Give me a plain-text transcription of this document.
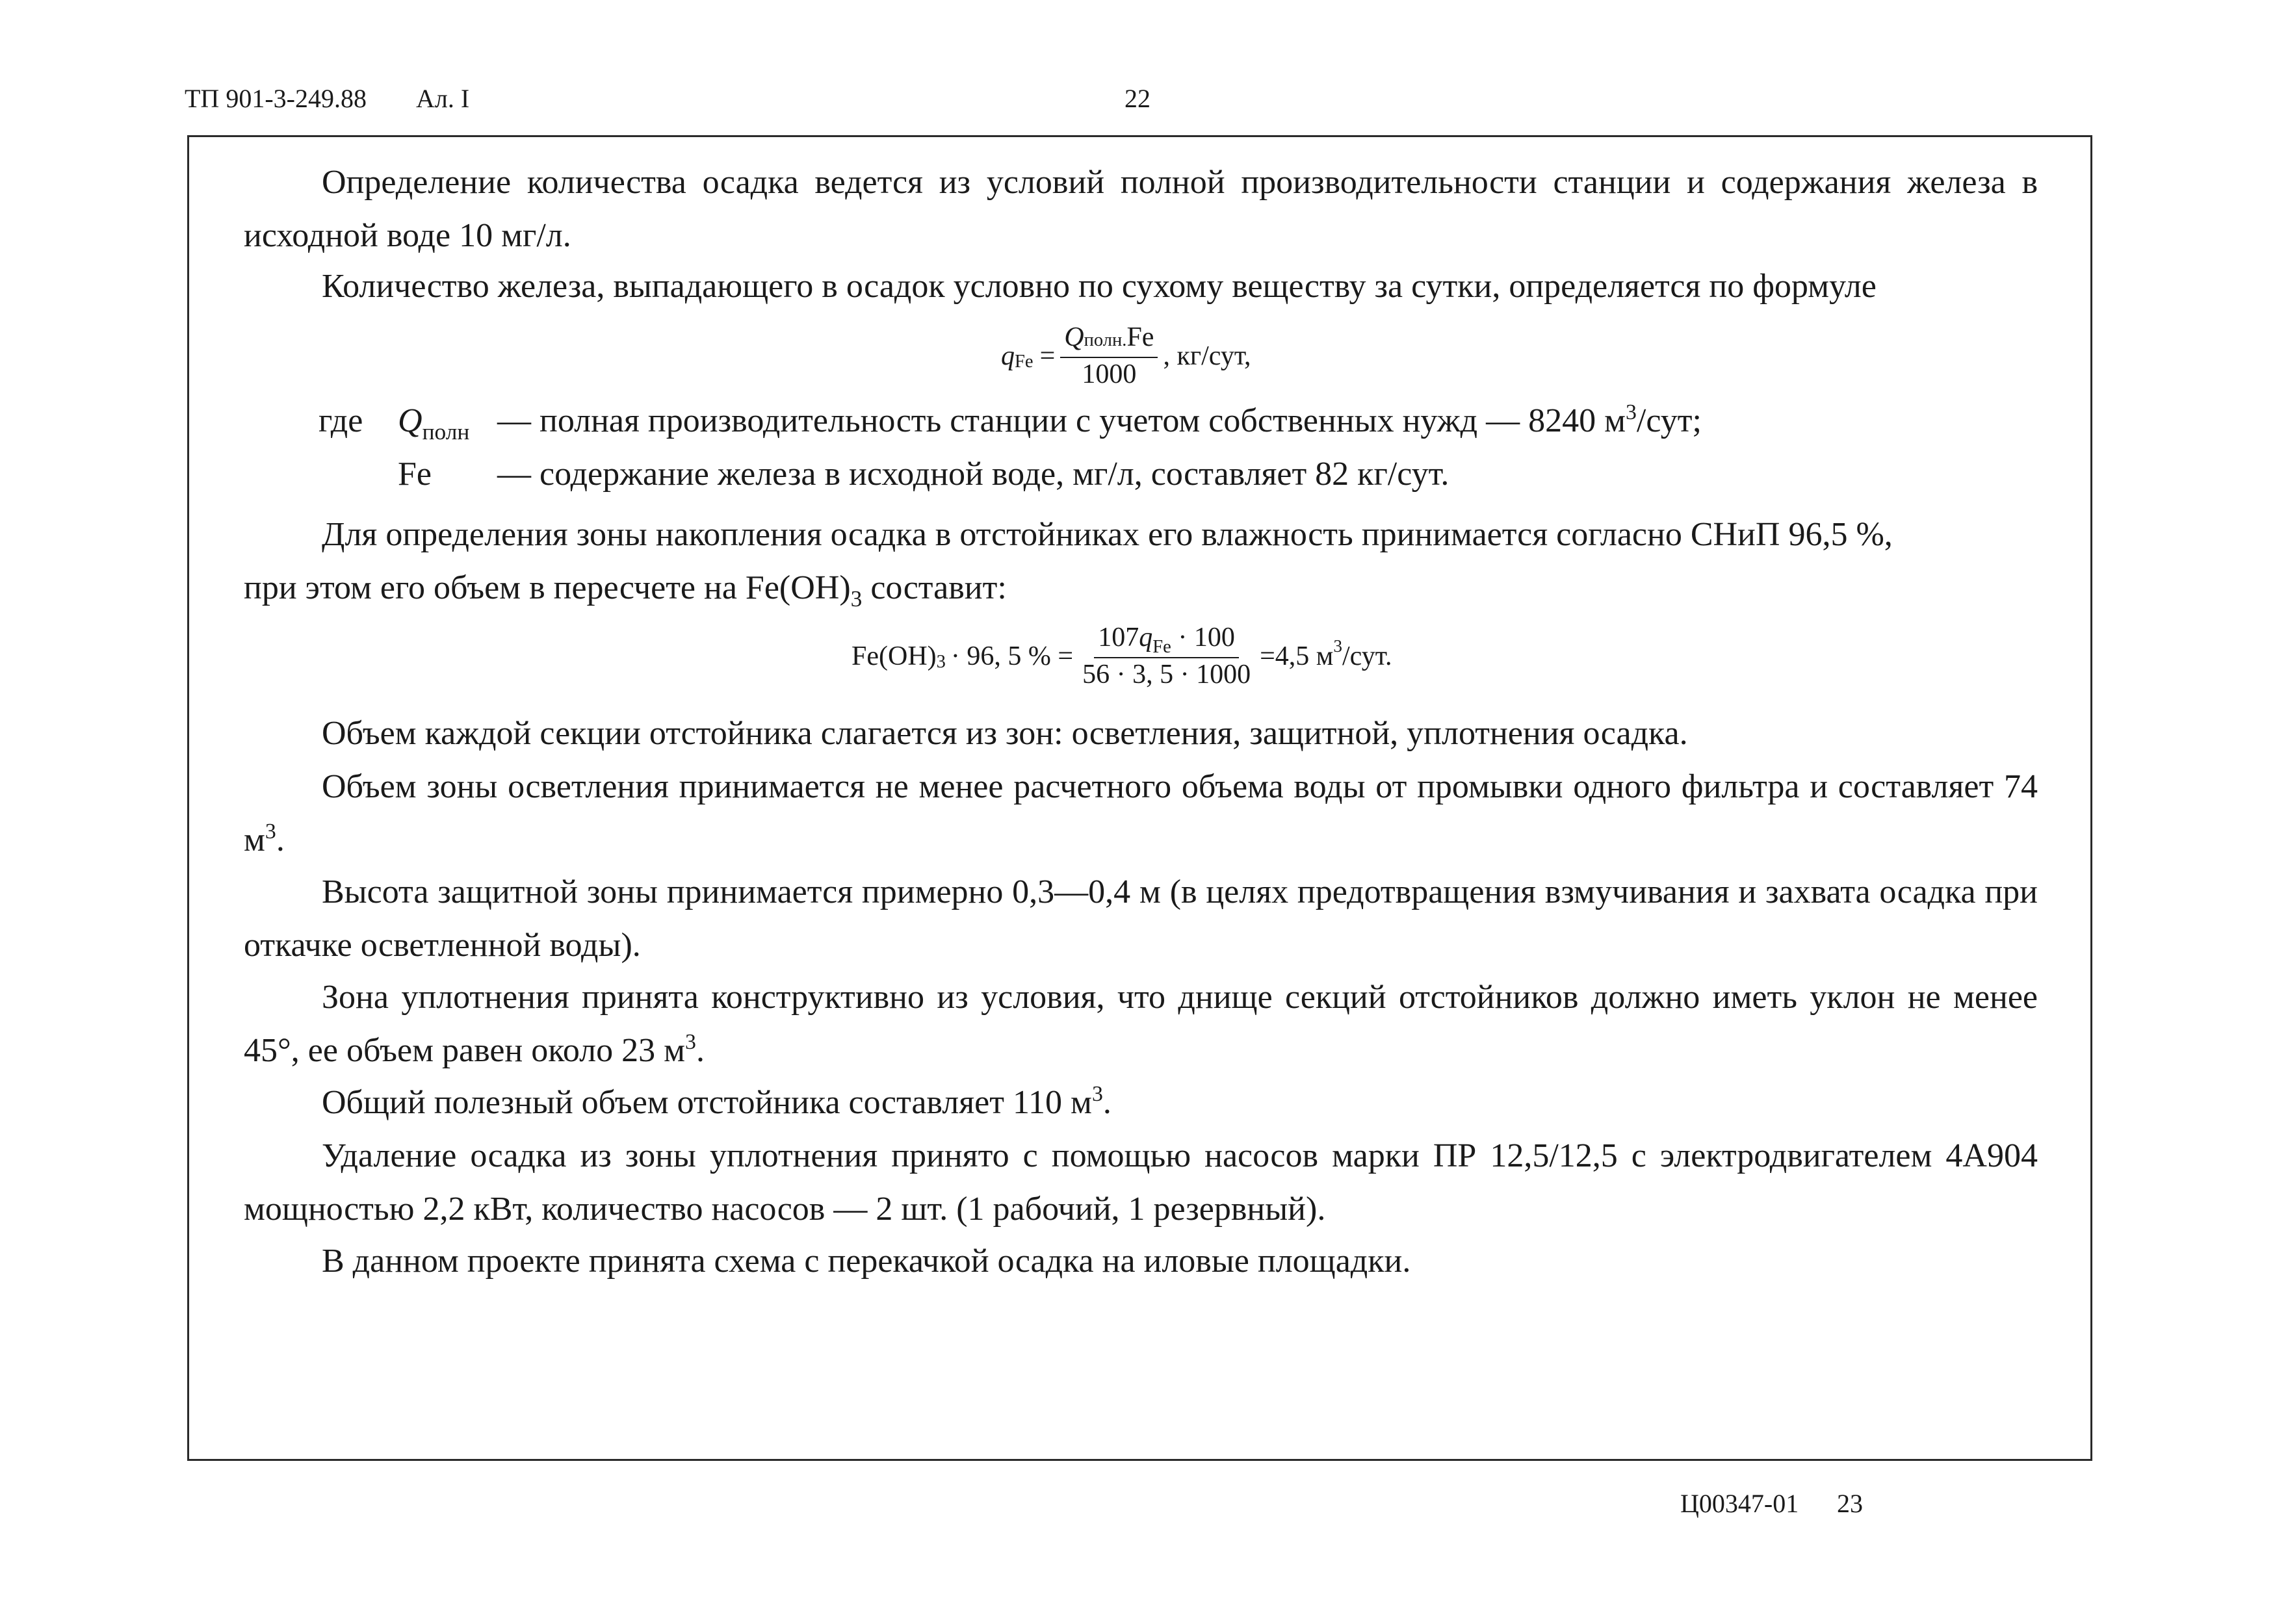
ТП 901-3-249.88 Ал. I	22

Определение количества осадка ведется из условий полной производительности станции и содержания железа в исходной воде 10 мг/л.

Количество железа, выпадающего в осадок условно по сухому веществу за сутки, определяется по формуле

q $Fe = \frac{\text{Qполн.Fe}}{1000}$ , кг/сут,
где $Q_{полн}$ — полная производительность станции с учетом собственных нужд — 8240 $м^3$/сут;
Fe — содержание железа в исходной воде, мг/л, составляет 82 кг/сут.

Для определения зоны накопления осадка в отстойниках его влажность принимается согласно СНиП 96,5 %,

при этом его объем в пересчете на $Fe(OH)_3$ составит:

Fe(OH) 3 · 96, 5 % = $\frac{107q_{Fe} \cdot 100}{56 \cdot 3, 5 \cdot 1000} =4,5$ м 3 /сут.

Объем каждой секции отстойника слагается из зон: осветления, защитной, уплотнения осадка.

Объем зоны осветления принимается не менее расчетного объема воды от промывки одного фильтра и составляет 74 $м^3$.

Высота защитной зоны принимается примерно 0,3—0,4 м (в целях предотвращения взмучивания и захвата осадка при откачке осветленной воды).

Зона уплотнения принята конструктивно из условия, что днище секций отстойников должно иметь уклон не менее 45°, ее объем равен около 23 $м^3$.

Общий полезный объем отстойника составляет 110 $м^3$.

Удаление осадка из зоны уплотнения принято с помощью насосов марки ПР 12,5/12,5 с электродвигателем 4А904 мощностью 2,2 кВт, количество насосов — 2 шт. (1 рабочий, 1 резервный).

В данном проекте принята схема с перекачкой осадка на иловые площадки.

Ц00347-01 23
